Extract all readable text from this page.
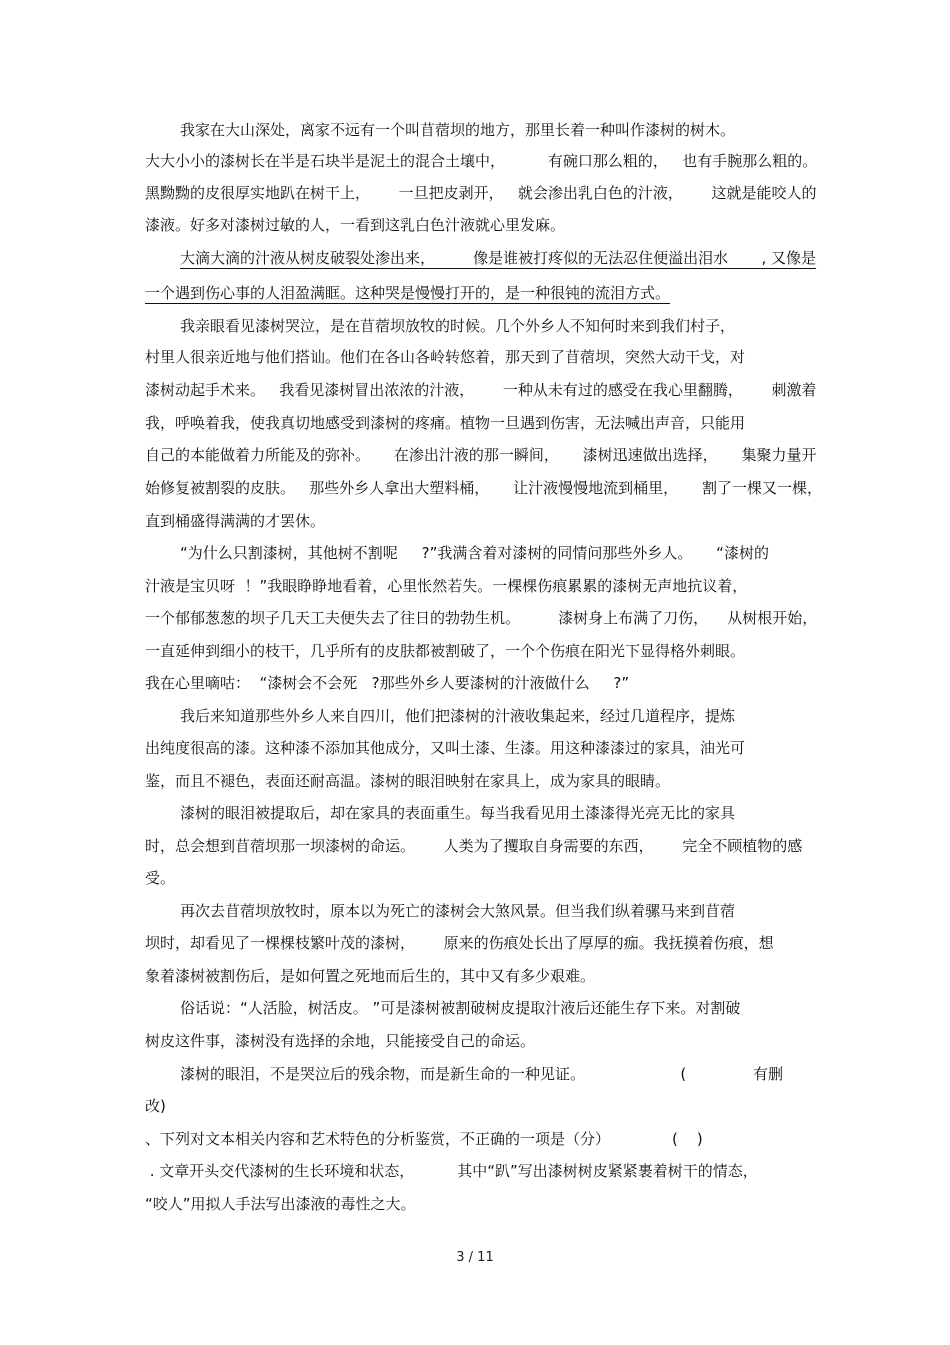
我家在大山深处，离家不远有一个叫苜蓿坝的地方，那里长着一种叫作漆树的树木。
大大小小的漆树长在半是石块半是泥土的混合土壤中，         有碗口那么粗的，   也有手腕那么粗的。
黑黝黝的皮很厚实地趴在树干上，      一旦把皮剥开，   就会渗出乳白色的汁液，      这就是能咬人的
漆液。好多对漆树过敏的人，一看到这乳白色汁液就心里发麻。
大滴大滴的汁液从树皮破裂处渗出来，        像是谁被打疼似的无法忍住便溢出泪水       , 又像是
一个遇到伤心事的人泪盈满眶。这种哭是慢慢打开的，是一种很钝的流泪方式。
我亲眼看见漆树哭泣，是在苜蓿坝放牧的时候。几个外乡人不知何时来到我们村子，
村里人很亲近地与他们搭讪。他们在各山各岭转悠着，那天到了苜蓿坝，突然大动干戈，对
漆树动起手术来。   我看见漆树冒出浓浓的汁液，      一种从未有过的感受在我心里翻腾，      刺激着
我，呼唤着我，使我真切地感受到漆树的疼痛。植物一旦遇到伤害，无法喊出声音，只能用
自己的本能做着力所能及的弥补。     在渗出汁液的那一瞬间，     漆树迅速做出选择，     集聚力量开
始修复被割裂的皮肤。   那些外乡人拿出大塑料桶，     让汁液慢慢地流到桶里，     割了一棵又一棵，
直到桶盛得满满的才罢休。
“为什么只割漆树，其他树不割呢     ?”我满含着对漆树的同情问那些外乡人。     “漆树的
汁液是宝贝呀  ！”我眼睁睁地看着，心里怅然若失。一棵棵伤痕累累的漆树无声地抗议着，
一个郁郁葱葱的坝子几天工夫便失去了往日的勃勃生机。        漆树身上布满了刀伤，    从树根开始，
一直延伸到细小的枝干，几乎所有的皮肤都被割破了，一个个伤痕在阳光下显得格外刺眼。
我在心里嘀咕：  “漆树会不会死   ?那些外乡人要漆树的汁液做什么     ?”
我后来知道那些外乡人来自四川，他们把漆树的汁液收集起来，经过几道程序，提炼
出纯度很高的漆。这种漆不添加其他成分，又叫土漆、生漆。用这种漆漆过的家具，油光可
鉴，而且不褪色，表面还耐高温。漆树的眼泪映射在家具上，成为家具的眼睛。
漆树的眼泪被提取后，却在家具的表面重生。每当我看见用土漆漆得光亮无比的家具
时，总会想到苜蓿坝那一坝漆树的命运。      人类为了攫取自身需要的东西，      完全不顾植物的感
受。
再次去苜蓿坝放牧时，原本以为死亡的漆树会大煞风景。但当我们纵着骡马来到苜蓿
坝时，却看见了一棵棵枝繁叶茂的漆树，      原来的伤痕处长出了厚厚的痂。我抚摸着伤痕，想
象着漆树被割伤后，是如何置之死地而后生的，其中又有多少艰难。
俗话说：“人活脸，树活皮。 ”可是漆树被割破树皮提取汁液后还能生存下来。对割破
树皮这件事，漆树没有选择的余地，只能接受自己的命运。
漆树的眼泪，不是哭泣后的残余物，而是新生命的一种见证。                    (              有删
改)
、下列对文本相关内容和艺术特色的分析鉴赏，不正确的一项是（分）             (    )
. 文章开头交代漆树的生长环境和状态，         其中“趴”写出漆树树皮紧紧裹着树干的情态，
“咬人”用拟人手法写出漆液的毒性之大。
3 / 11
